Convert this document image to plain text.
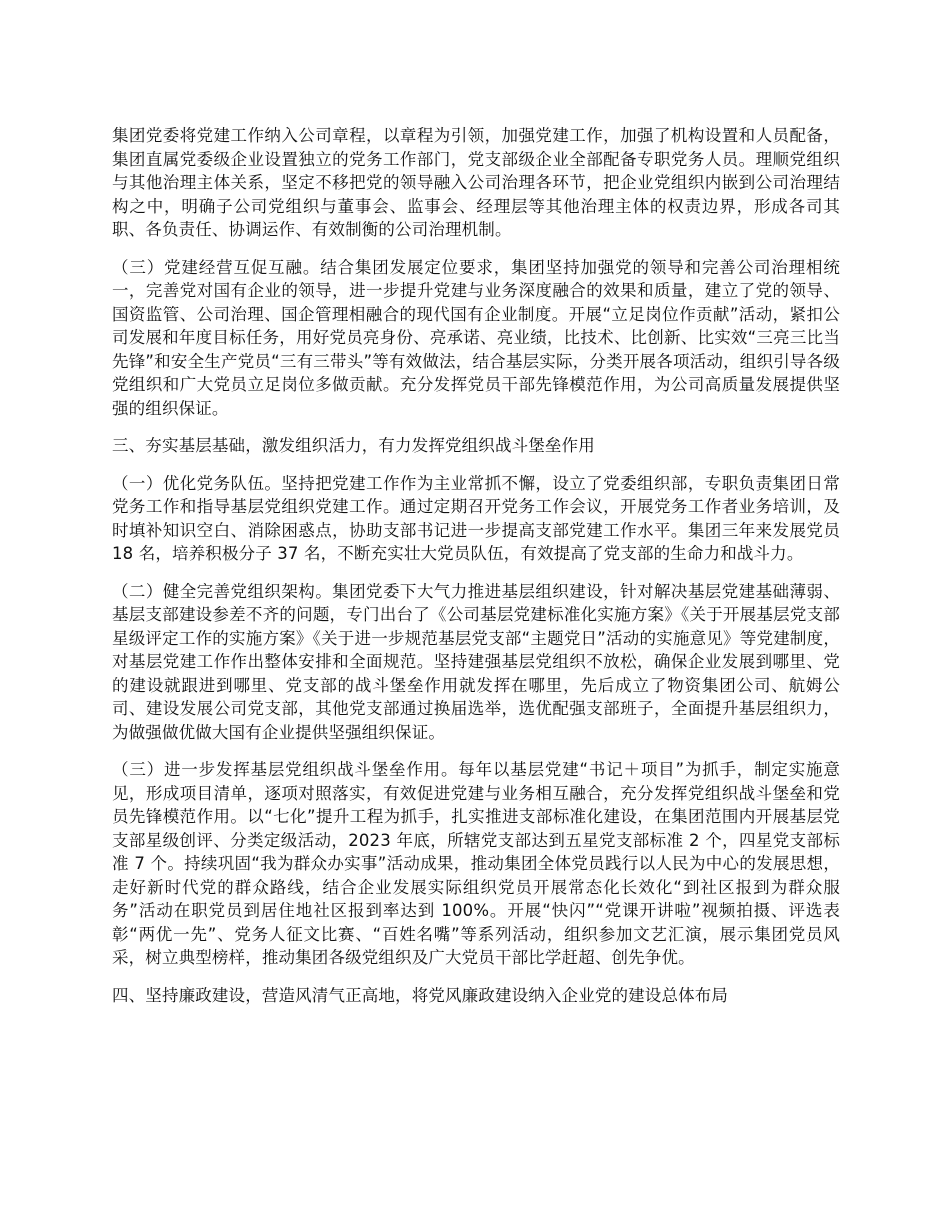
集团党委将党建工作纳入公司章程，以章程为引领，加强党建工作，加强了机构设置和人员配备，集团直属党委级企业设置独立的党务工作部门，党支部级企业全部配备专职党务人员。理顺党组织与其他治理主体关系，坚定不移把党的领导融入公司治理各环节，把企业党组织内嵌到公司治理结构之中，明确子公司党组织与董事会、监事会、经理层等其他治理主体的权责边界，形成各司其职、各负责任、协调运作、有效制衡的公司治理机制。

（三）党建经营互促互融。结合集团发展定位要求，集团坚持加强党的领导和完善公司治理相统一，完善党对国有企业的领导，进一步提升党建与业务深度融合的效果和质量，建立了党的领导、国资监管、公司治理、国企管理相融合的现代国有企业制度。开展“立足岗位作贡献”活动，紧扣公司发展和年度目标任务，用好党员亮身份、亮承诺、亮业绩，比技术、比创新、比实效“三亮三比当先锋”和安全生产党员“三有三带头”等有效做法，结合基层实际，分类开展各项活动，组织引导各级党组织和广大党员立足岗位多做贡献。充分发挥党员干部先锋模范作用，为公司高质量发展提供坚强的组织保证。

三、夯实基层基础，激发组织活力，有力发挥党组织战斗堡垒作用

（一）优化党务队伍。坚持把党建工作作为主业常抓不懈，设立了党委组织部，专职负责集团日常党务工作和指导基层党组织党建工作。通过定期召开党务工作会议，开展党务工作者业务培训，及时填补知识空白、消除困惑点，协助支部书记进一步提高支部党建工作水平。集团三年来发展党员 18 名，培养积极分子 37 名，不断充实壮大党员队伍，有效提高了党支部的生命力和战斗力。

（二）健全完善党组织架构。集团党委下大气力推进基层组织建设，针对解决基层党建基础薄弱、基层支部建设参差不齐的问题，专门出台了《公司基层党建标准化实施方案》《关于开展基层党支部星级评定工作的实施方案》《关于进一步规范基层党支部“主题党日”活动的实施意见》等党建制度，对基层党建工作作出整体安排和全面规范。坚持建强基层党组织不放松，确保企业发展到哪里、党的建设就跟进到哪里、党支部的战斗堡垒作用就发挥在哪里，先后成立了物资集团公司、航姆公司、建设发展公司党支部，其他党支部通过换届选举，选优配强支部班子，全面提升基层组织力，为做强做优做大国有企业提供坚强组织保证。

（三）进一步发挥基层党组织战斗堡垒作用。每年以基层党建“书记＋项目”为抓手，制定实施意见，形成项目清单，逐项对照落实，有效促进党建与业务相互融合，充分发挥党组织战斗堡垒和党员先锋模范作用。以“七化”提升工程为抓手，扎实推进支部标准化建设，在集团范围内开展基层党支部星级创评、分类定级活动，2023 年底，所辖党支部达到五星党支部标准 2 个，四星党支部标准 7 个。持续巩固“我为群众办实事”活动成果，推动集团全体党员践行以人民为中心的发展思想，走好新时代党的群众路线，结合企业发展实际组织党员开展常态化长效化“到社区报到为群众服务”活动在职党员到居住地社区报到率达到 100%。开展“快闪”“党课开讲啦”视频拍摄、评选表彰“两优一先”、党务人征文比赛、“百姓名嘴”等系列活动，组织参加文艺汇演，展示集团党员风采，树立典型榜样，推动集团各级党组织及广大党员干部比学赶超、创先争优。

四、坚持廉政建设，营造风清气正高地，将党风廉政建设纳入企业党的建设总体布局
